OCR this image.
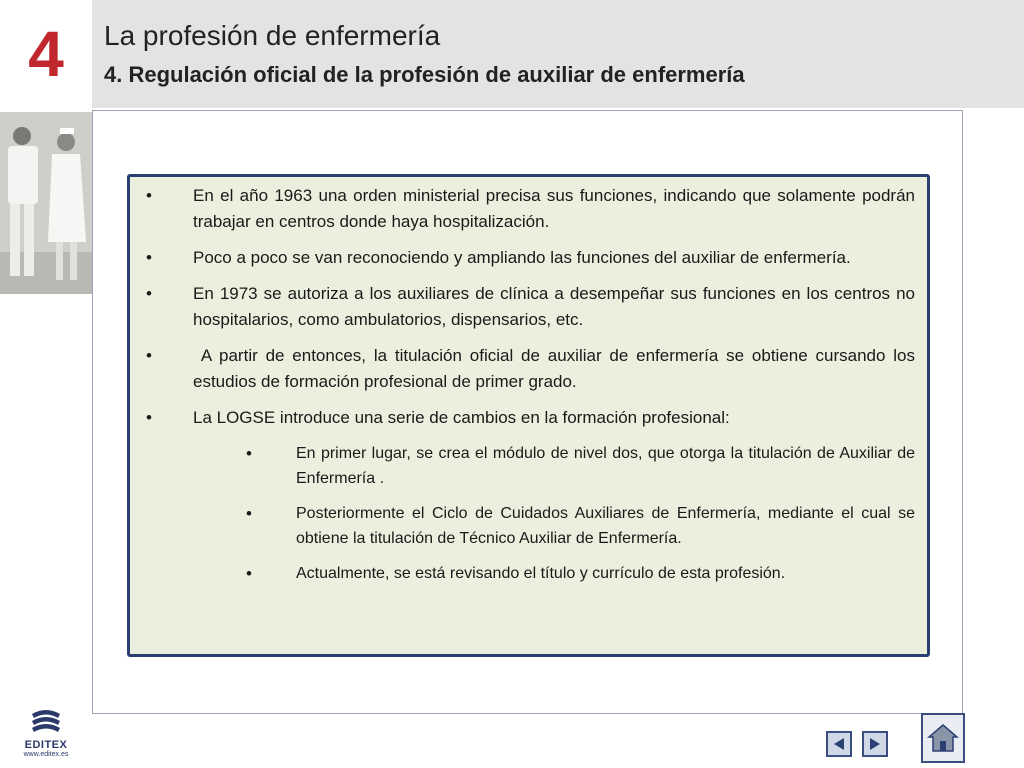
4 La profesión de enfermería
4. Regulación oficial de la profesión de auxiliar de enfermería
• En el año 1963 una orden ministerial precisa sus funciones, indicando que solamente podrán trabajar en centros donde haya hospitalización.
• Poco a poco se van reconociendo y ampliando las funciones del auxiliar de enfermería.
• En 1973 se autoriza a los auxiliares de clínica a desempeñar sus funciones en los centros no hospitalarios, como ambulatorios, dispensarios, etc.
• A partir de entonces, la titulación oficial de auxiliar de enfermería se obtiene cursando los estudios de formación profesional de primer grado.
• La LOGSE introduce una serie de cambios en la formación profesional:
•	En primer lugar, se crea el módulo de nivel dos, que otorga la titulación de Auxiliar de Enfermería .
•	Posteriormente el Ciclo de Cuidados Auxiliares de Enfermería, mediante el cual se obtiene la titulación de Técnico Auxiliar de Enfermería.
•	Actualmente, se está revisando el título y currículo de esta profesión.
EDITEX
www.editex.es
